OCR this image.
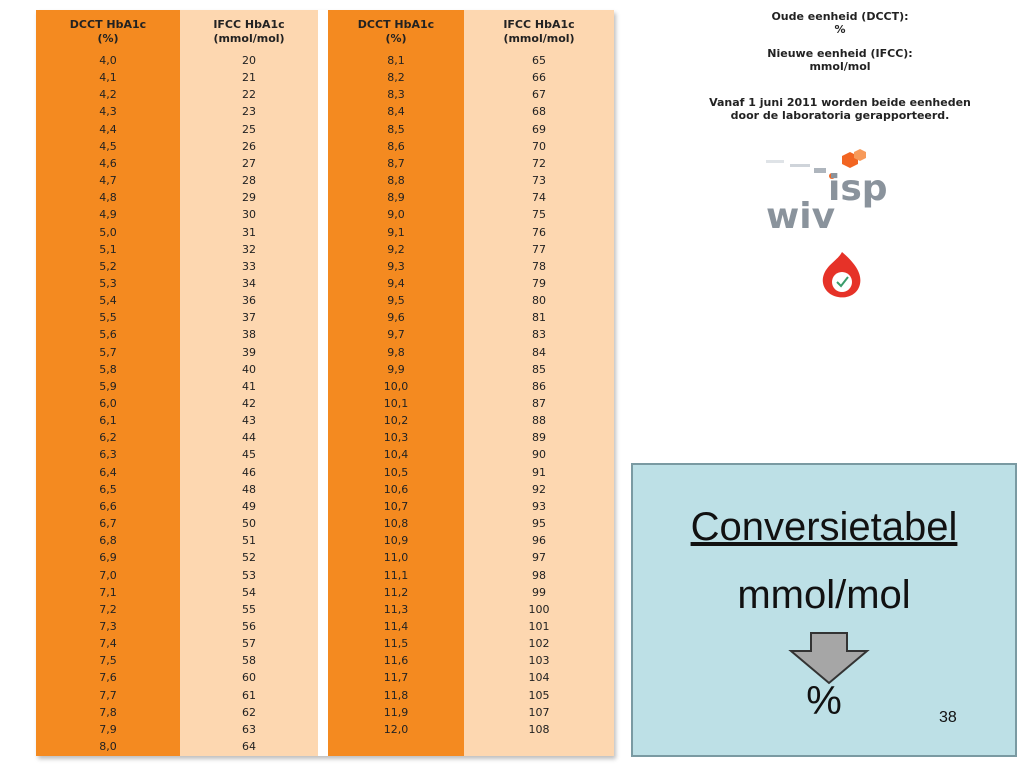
DCCT HbA1c
(%)
4,0
4,1
4,2
4,3
4,4
4,5
4,6
4,7
4,8
4,9
5,0
5,1
5,2
5,3
5,4
5,5
5,6
5,7
5,8
5,9
6,0
6,1
6,2
6,3
6,4
6,5
6,6
6,7
6,8
6,9
7,0
7,1
7,2
7,3
7,4
7,5
7,6
7,7
7,8
7,9
8,0
IFCC HbA1c
(mmol/mol)
20
21
22
23
25
26
27
28
29
30
31
32
33
34
36
37
38
39
40
41
42
43
44
45
46
48
49
50
51
52
53
54
55
56
57
58
60
61
62
63
64
DCCT HbA1c
(%)
8,1
8,2
8,3
8,4
8,5
8,6
8,7
8,8
8,9
9,0
9,1
9,2
9,3
9,4
9,5
9,6
9,7
9,8
9,9
10,0
10,1
10,2
10,3
10,4
10,5
10,6
10,7
10,8
10,9
11,0
11,1
11,2
11,3
11,4
11,5
11,6
11,7
11,8
11,9
12,0
IFCC HbA1c
(mmol/mol)
65
66
67
68
69
70
72
73
74
75
76
77
78
79
80
81
83
84
85
86
87
88
89
90
91
92
93
95
96
97
98
99
100
101
102
103
104
105
107
108
Oude eenheid (DCCT):
%
Nieuwe eenheid (IFCC):
mmol/mol
Vanaf 1 juni 2011 worden beide eenheden
door de laboratoria gerapporteerd.
isp
wiv
Conversietabel
mmol/mol
%	38
